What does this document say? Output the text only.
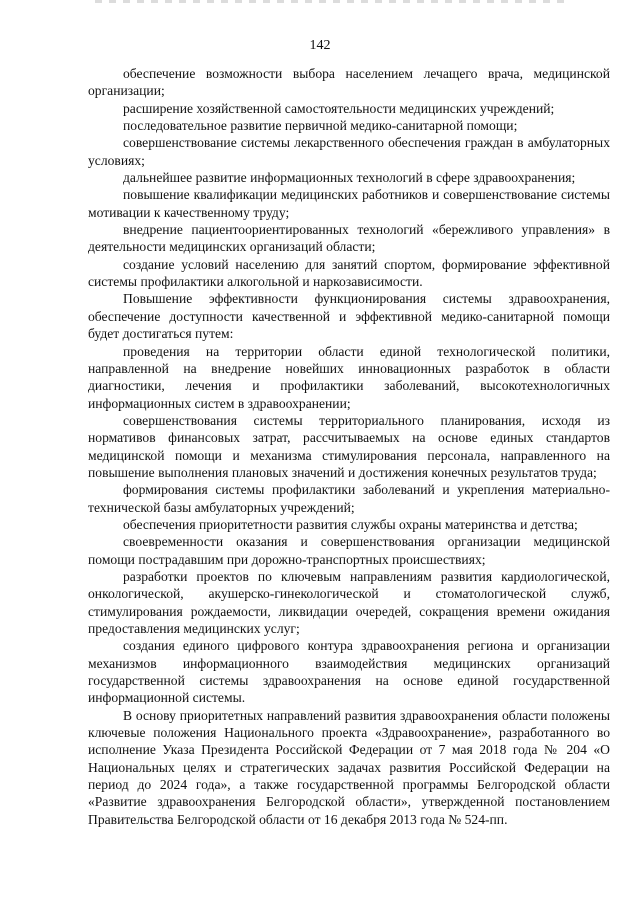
142

обеспечение возможности выбора населением лечащего врача, медицинской организации;

расширение хозяйственной самостоятельности медицинских учреждений;

последовательное развитие первичной медико-санитарной помощи;

совершенствование системы лекарственного обеспечения граждан в амбулаторных условиях;

дальнейшее развитие информационных технологий в сфере здравоохранения;

повышение квалификации медицинских работников и совершенствование системы мотивации к качественному труду;

внедрение пациентоориентированных технологий «бережливого управления» в деятельности медицинских организаций области;

создание условий населению для занятий спортом, формирование эффективной системы профилактики алкогольной и наркозависимости.

Повышение эффективности функционирования системы здравоохранения, обеспечение доступности качественной и эффективной медико-санитарной помощи будет достигаться путем:

проведения на территории области единой технологической политики, направленной на внедрение новейших инновационных разработок в области диагностики, лечения и профилактики заболеваний, высокотехнологичных информационных систем в здравоохранении;

совершенствования системы территориального планирования, исходя из нормативов финансовых затрат, рассчитываемых на основе единых стандартов медицинской помощи и механизма стимулирования персонала, направленного на повышение выполнения плановых значений и достижения конечных результатов труда;

формирования системы профилактики заболеваний и укрепления материально-технической базы амбулаторных учреждений;

обеспечения приоритетности развития службы охраны материнства и детства;

своевременности оказания и совершенствования организации медицинской помощи пострадавшим при дорожно-транспортных происшествиях;

разработки проектов по ключевым направлениям развития кардиологической, онкологической, акушерско-гинекологической и стоматологической служб, стимулирования рождаемости, ликвидации очередей, сокращения времени ожидания предоставления медицинских услуг;

создания единого цифрового контура здравоохранения региона и организации механизмов информационного взаимодействия медицинских организаций государственной системы здравоохранения на основе единой государственной информационной системы.

В основу приоритетных направлений развития здравоохранения области положены ключевые положения Национального проекта «Здравоохранение», разработанного во исполнение Указа Президента Российской Федерации от 7 мая 2018 года № 204 «О Национальных целях и стратегических задачах развития Российской Федерации на период до 2024 года», а также государственной программы Белгородской области «Развитие здравоохранения Белгородской области», утвержденной постановлением Правительства Белгородской области от 16 декабря 2013 года № 524-пп.
